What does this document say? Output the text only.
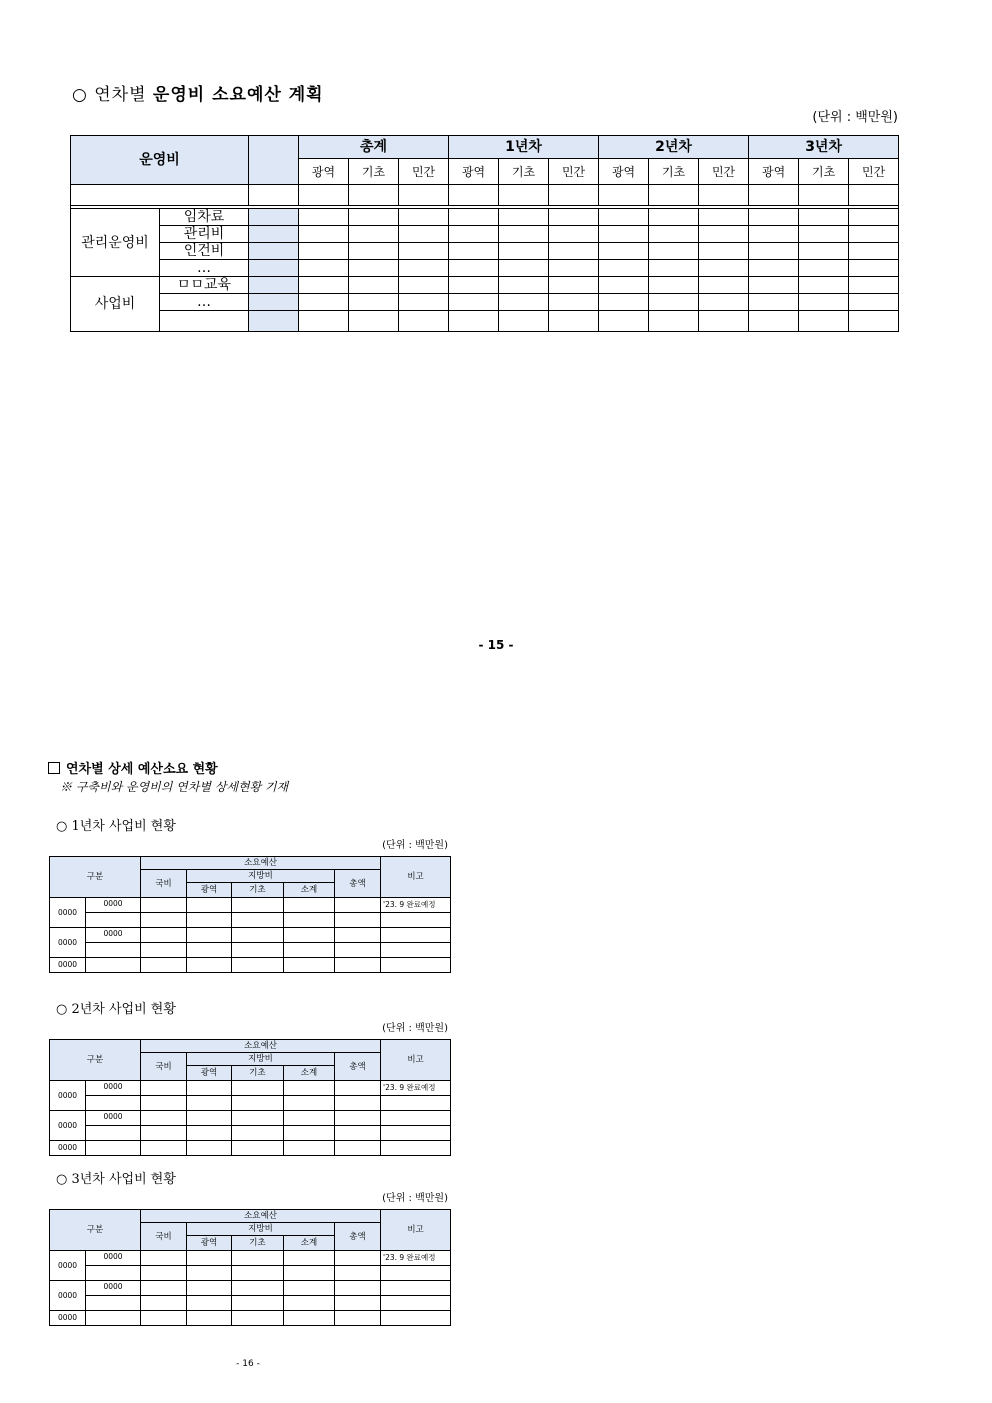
○ 연차별 운영비 소요예산 계획
(단위 : 백만원)
운영비			총계			1년차			2년차			3년차		
			광역	기초	민간	광역	기초	민간	광역	기초	민간	광역	기초	민간

관리운영비	임차료													
	관리비													
	인건비													
	…													
사업비	ㅁㅁ교육													
	…													

- 15 -
연차별 상세 예산소요 현황
※ 구축비와 운영비의 연차별 상세현황 기재
○ 1년차 사업비 현황
(단위 : 백만원)
구분		소요예산					비고
		국비	지방비			총액	
			광역	기초	소계		
0000	0000						'23. 9 완료예정

0000	0000						

0000							
○ 2년차 사업비 현황
(단위 : 백만원)
구분		소요예산					비고
		국비	지방비			총액	
			광역	기초	소계		
0000	0000						'23. 9 완료예정

0000	0000						

0000							
○ 3년차 사업비 현황
(단위 : 백만원)
구분		소요예산					비고
		국비	지방비			총액	
			광역	기초	소계		
0000	0000						'23. 9 완료예정

0000	0000						

0000							
- 16 -
